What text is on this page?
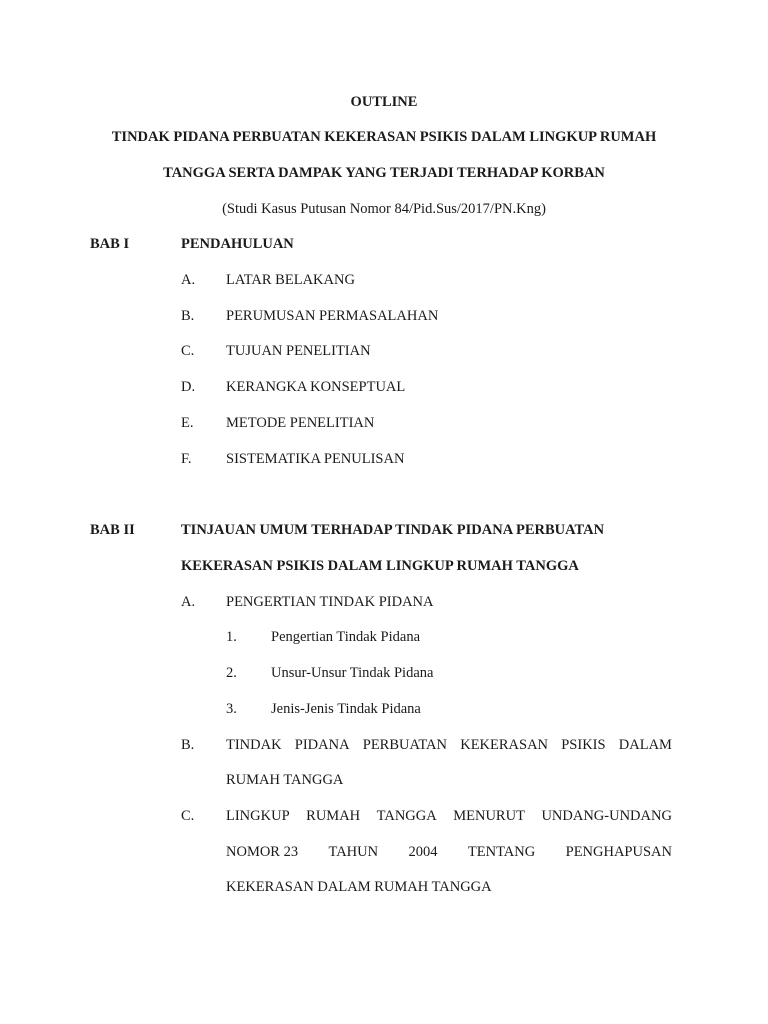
OUTLINE
TINDAK PIDANA PERBUATAN KEKERASAN PSIKIS DALAM LINGKUP RUMAH
TANGGA SERTA DAMPAK YANG TERJADI TERHADAP KORBAN
(Studi Kasus Putusan Nomor 84/Pid.Sus/2017/PN.Kng)
BAB I	PENDAHULUAN
A. LATAR BELAKANG
B. PERUMUSAN PERMASALAHAN
C. TUJUAN PENELITIAN
D. KERANGKA KONSEPTUAL
E. METODE PENELITIAN
F. SISTEMATIKA PENULISAN
BAB II	TINJAUAN UMUM TERHADAP TINDAK PIDANA PERBUATAN
KEKERASAN PSIKIS DALAM LINGKUP RUMAH TANGGA
A. PENGERTIAN TINDAK PIDANA
1. Pengertian Tindak Pidana
2. Unsur-Unsur Tindak Pidana
3. Jenis-Jenis Tindak Pidana
B. TINDAK PIDANA PERBUATAN KEKERASAN PSIKIS DALAM
RUMAH TANGGA
C. LINGKUP RUMAH TANGGA MENURUT UNDANG-UNDANG
NOMOR 23 TAHUN 2004 TENTANG PENGHAPUSAN
KEKERASAN DALAM RUMAH TANGGA
